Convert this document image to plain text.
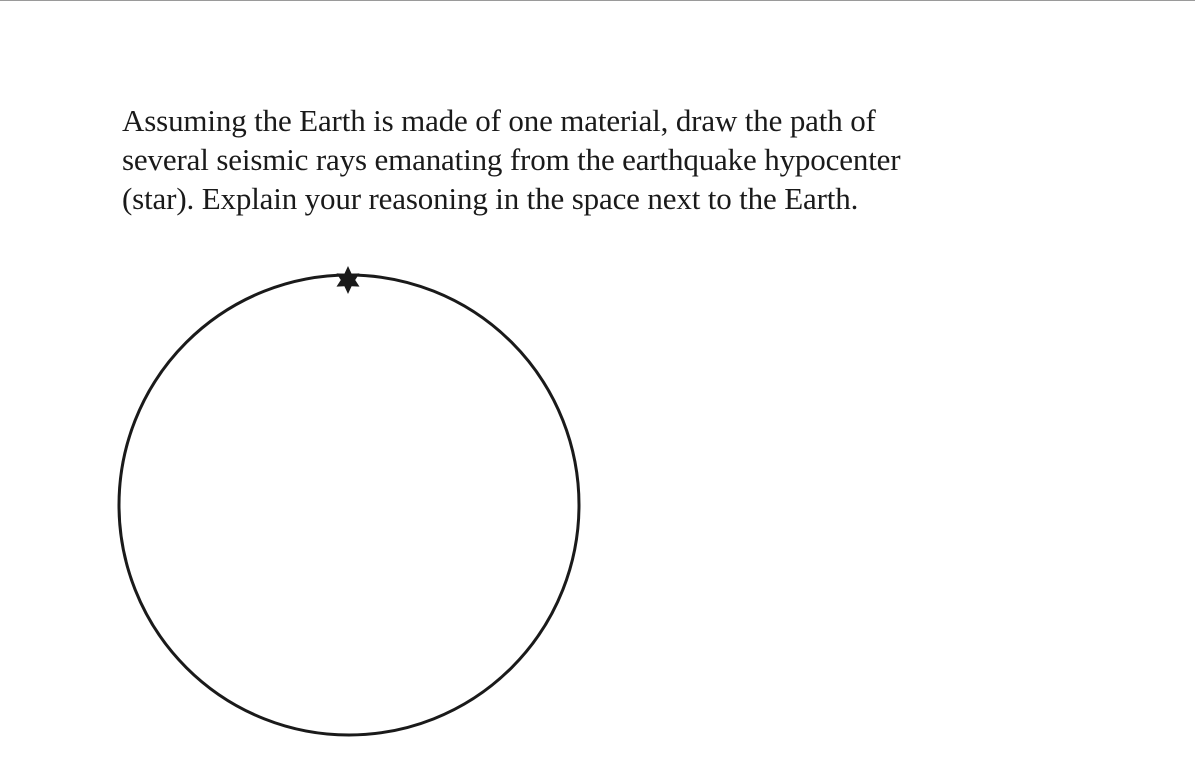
Assuming the Earth is made of one material, draw the path of
several seismic rays emanating from the earthquake hypocenter
(star). Explain your reasoning in the space next to the Earth.
